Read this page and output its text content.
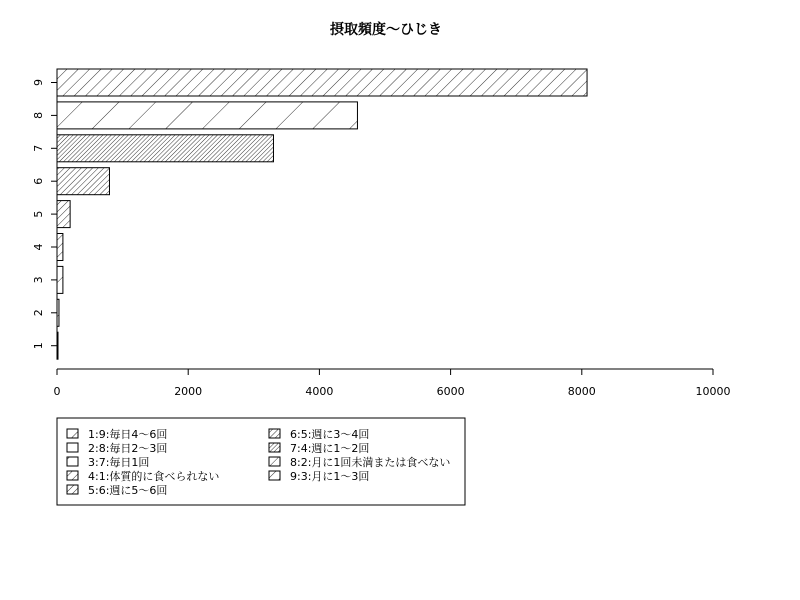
摂取頻度～ひじき
1
2
3
4
5
6
7
8
9
0	2000	4000	6000	8000	10000
1:9:毎日4～6回
2:8:毎日2～3回
3:7:毎日1回
4:1:体質的に食べられない
5:6:週に5～6回
6:5:週に3～4回
7:4:週に1～2回
8:2:月に1回未満または食べない
9:3:月に1～3回
